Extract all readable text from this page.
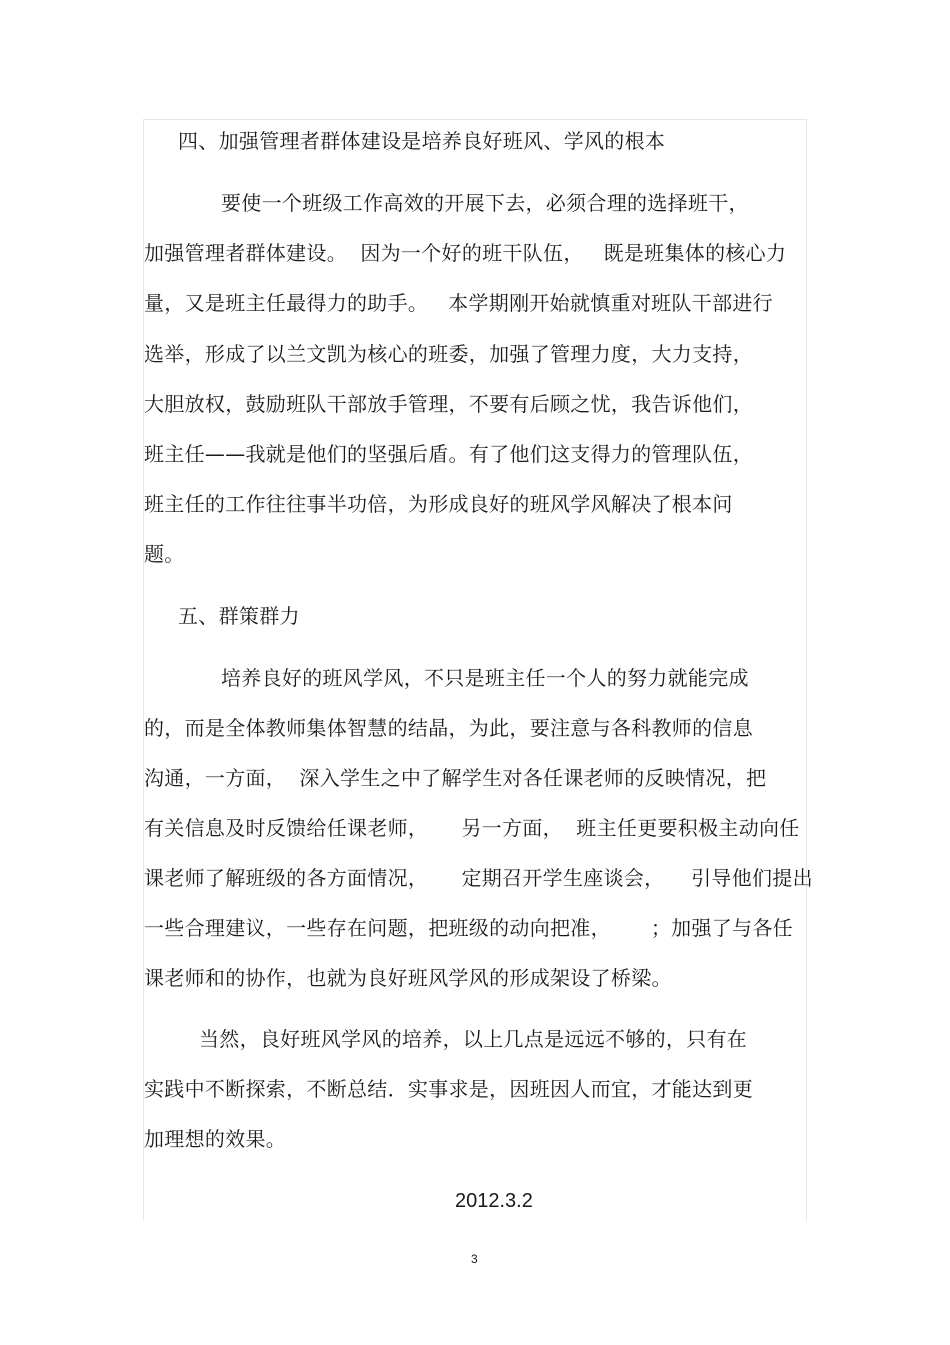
四、加强管理者群体建设是培养良好班风、学风的根本
要使一个班级工作高效的开展下去，必须合理的选择班干，
加强管理者群体建设。  因为一个好的班干队伍，   既是班集体的核心力
量，又是班主任最得力的助手。   本学期刚开始就慎重对班队干部进行
选举，形成了以兰文凯为核心的班委，加强了管理力度，大力支持，
大胆放权，鼓励班队干部放手管理，不要有后顾之忧，我告诉他们，
班主任——我就是他们的坚强后盾。有了他们这支得力的管理队伍，
班主任的工作往往事半功倍，为形成良好的班风学风解决了根本问
题。
五、群策群力
培养良好的班风学风，不只是班主任一个人的努力就能完成
的，而是全体教师集体智慧的结晶，为此，要注意与各科教师的信息
沟通，一方面，  深入学生之中了解学生对各任课老师的反映情况，把
有关信息及时反馈给任课老师，     另一方面，  班主任更要积极主动向任
课老师了解班级的各方面情况，     定期召开学生座谈会，    引导他们提出
一些合理建议，一些存在问题，把班级的动向把准，      ；加强了与各任
课老师和的协作，也就为良好班风学风的形成架设了桥梁。
当然，良好班风学风的培养，以上几点是远远不够的，只有在
实践中不断探索，不断总结．实事求是，因班因人而宜，才能达到更
加理想的效果。
2012.3.2
3
